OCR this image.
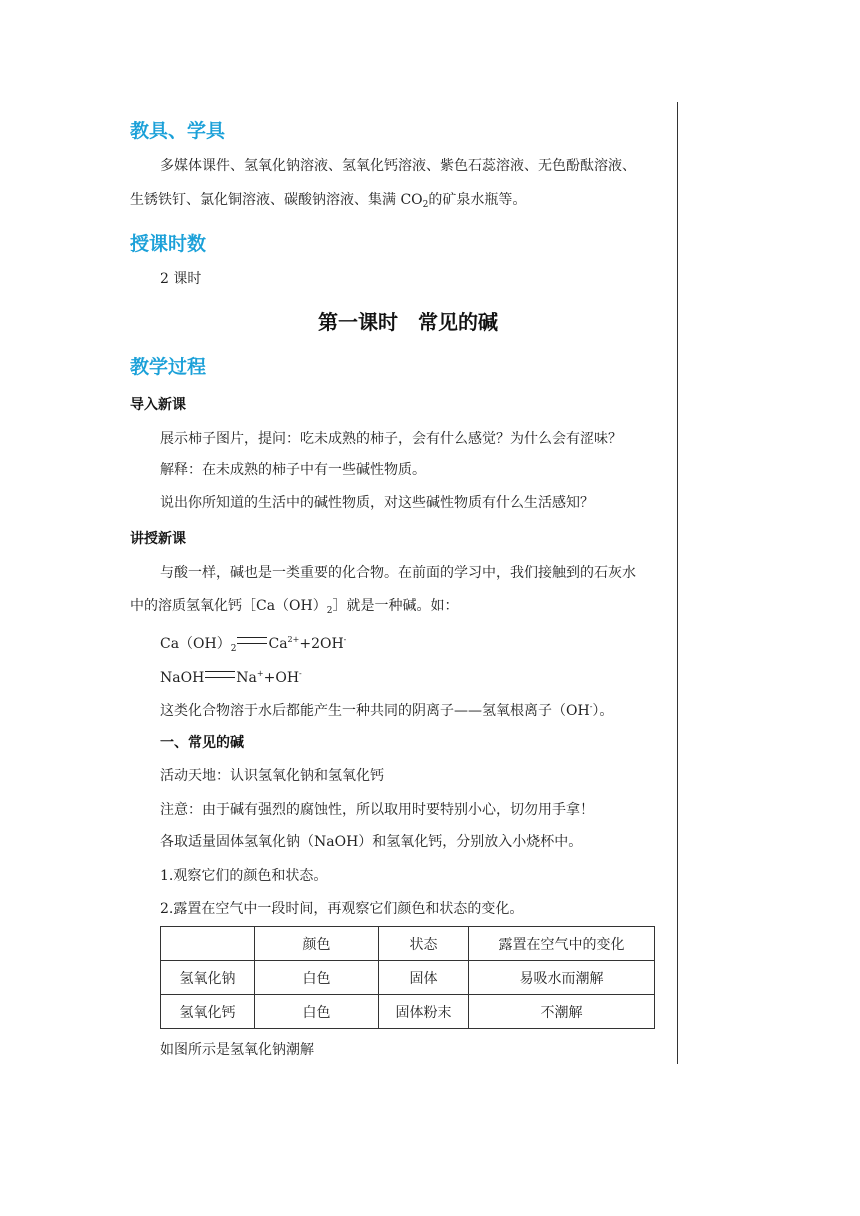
教具、学具

多媒体课件、氢氧化钠溶液、氢氧化钙溶液、紫色石蕊溶液、无色酚酞溶液、

生锈铁钉、氯化铜溶液、碳酸钠溶液、集满 $CO_2$的矿泉水瓶等。

授课时数

2 课时

第一课时　常见的碱
教学过程
导入新课

展示柿子图片，提问：吃未成熟的柿子，会有什么感觉？为什么会有涩味？

解释：在未成熟的柿子中有一些碱性物质。

说出你所知道的生活中的碱性物质，对这些碱性物质有什么生活感知？

讲授新课

与酸一样，碱也是一类重要的化合物。在前面的学习中，我们接触到的石灰水

中的溶质氢氧化钙$[Ca(OH)_2]$就是一种碱。如：

$Ca(OH)_2$ $Ca^{2+}+2OH^-$

NaOH Na++OH-

这类化合物溶于水后都能产生一种共同的阴离子——氢氧根离子（OH-）。

一、常见的碱

活动天地：认识氢氧化钠和氢氧化钙

注意：由于碱有强烈的腐蚀性，所以取用时要特别小心，切勿用手拿！

各取适量固体氢氧化钠（NaOH）和氢氧化钙，分别放入小烧杯中。

1.观察它们的颜色和状态。

2.露置在空气中一段时间，再观察它们颜色和状态的变化。

	颜色	状态	露置在空气中的变化
氢氧化钠	白色	固体	易吸水而潮解
氢氧化钙	白色	固体粉末	不潮解

如图所示是氢氧化钠潮解
